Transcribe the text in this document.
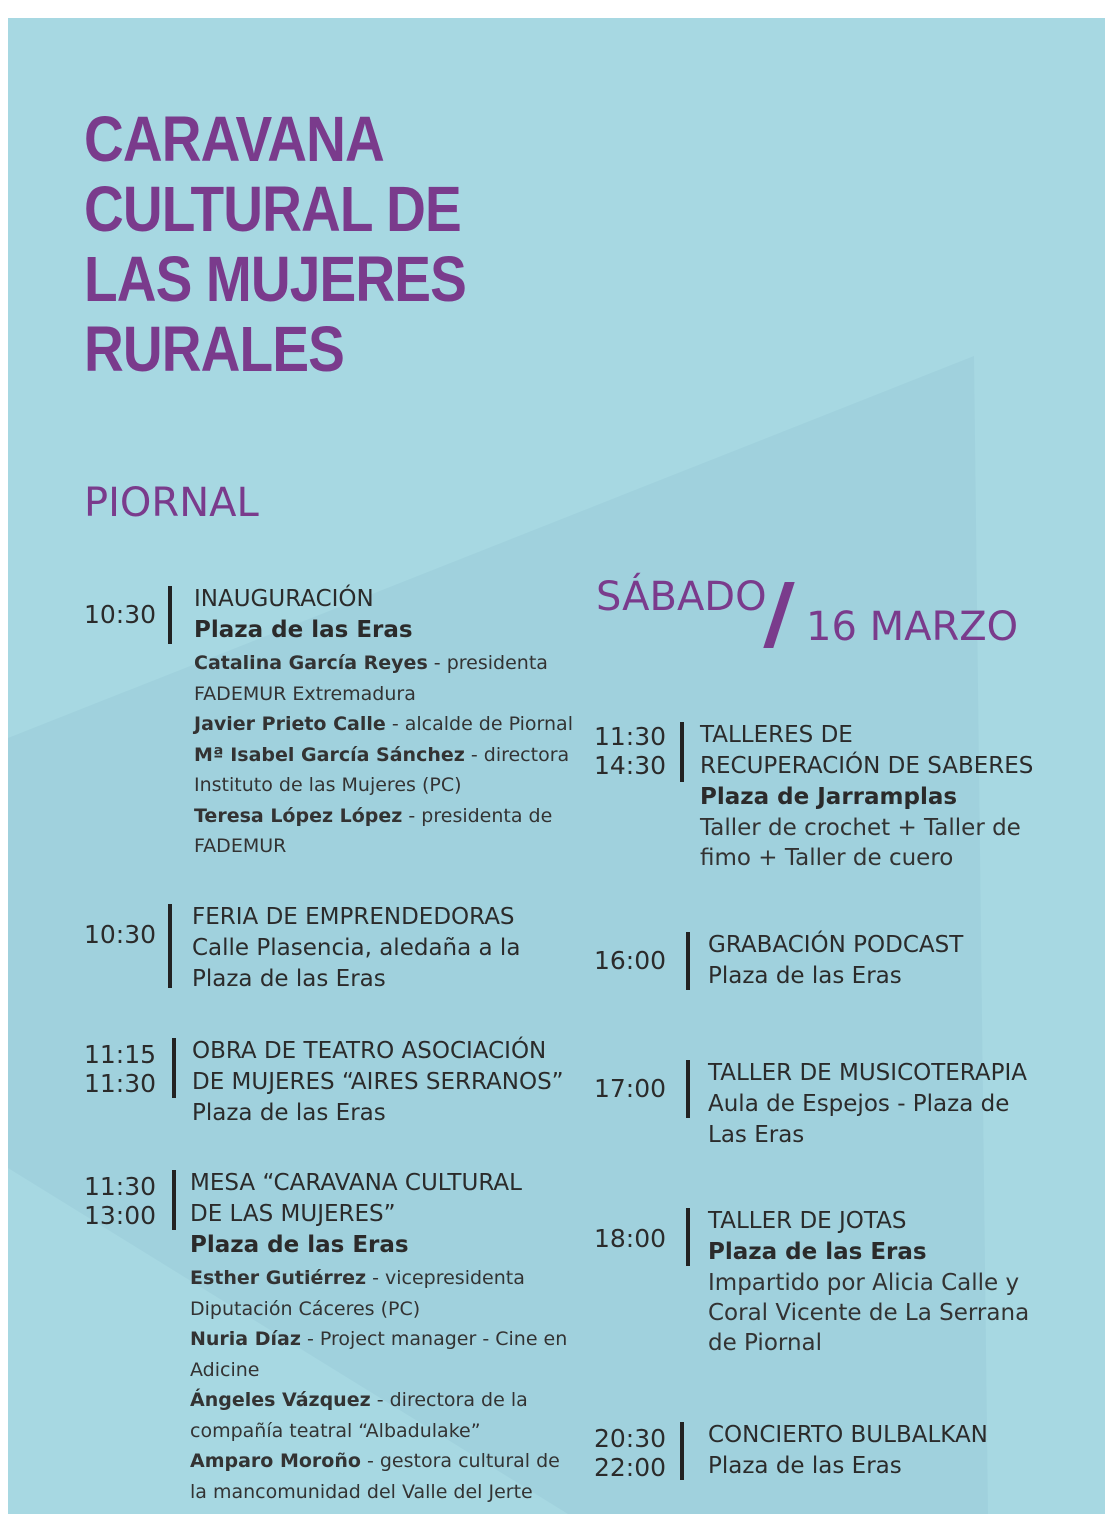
CARAVANA
CULTURAL DE
LAS MUJERES
RURALES
PIORNAL
SÁBADO
16 MARZO
10:30
INAUGURACIÓN
Plaza de las Eras
Catalina García Reyes - presidenta
FADEMUR Extremadura
Javier Prieto Calle - alcalde de Piornal
Mª Isabel García Sánchez - directora
Instituto de las Mujeres (PC)
Teresa López López - presidenta de
FADEMUR
10:30
FERIA DE EMPRENDEDORAS
Calle Plasencia, aledaña a la
Plaza de las Eras
11:15
11:30
OBRA DE TEATRO ASOCIACIÓN
DE MUJERES “AIRES SERRANOS”
Plaza de las Eras
11:30
13:00
MESA “CARAVANA CULTURAL
DE LAS MUJERES”
Plaza de las Eras
Esther Gutiérrez - vicepresidenta
Diputación Cáceres (PC)
Nuria Díaz - Project manager - Cine en
Adicine
Ángeles Vázquez - directora de la
compañía teatral “Albadulake”
Amparo Moroño - gestora cultural de
la mancomunidad del Valle del Jerte
11:30
14:30
TALLERES DE
RECUPERACIÓN DE SABERES
Plaza de Jarramplas
Taller de crochet + Taller de
fimo + Taller de cuero
16:00
GRABACIÓN PODCAST
Plaza de las Eras
17:00
TALLER DE MUSICOTERAPIA
Aula de Espejos - Plaza de
Las Eras
18:00
TALLER DE JOTAS
Plaza de las Eras
Impartido por Alicia Calle y
Coral Vicente de La Serrana
de Piornal
20:30
22:00
CONCIERTO BULBALKAN
Plaza de las Eras
